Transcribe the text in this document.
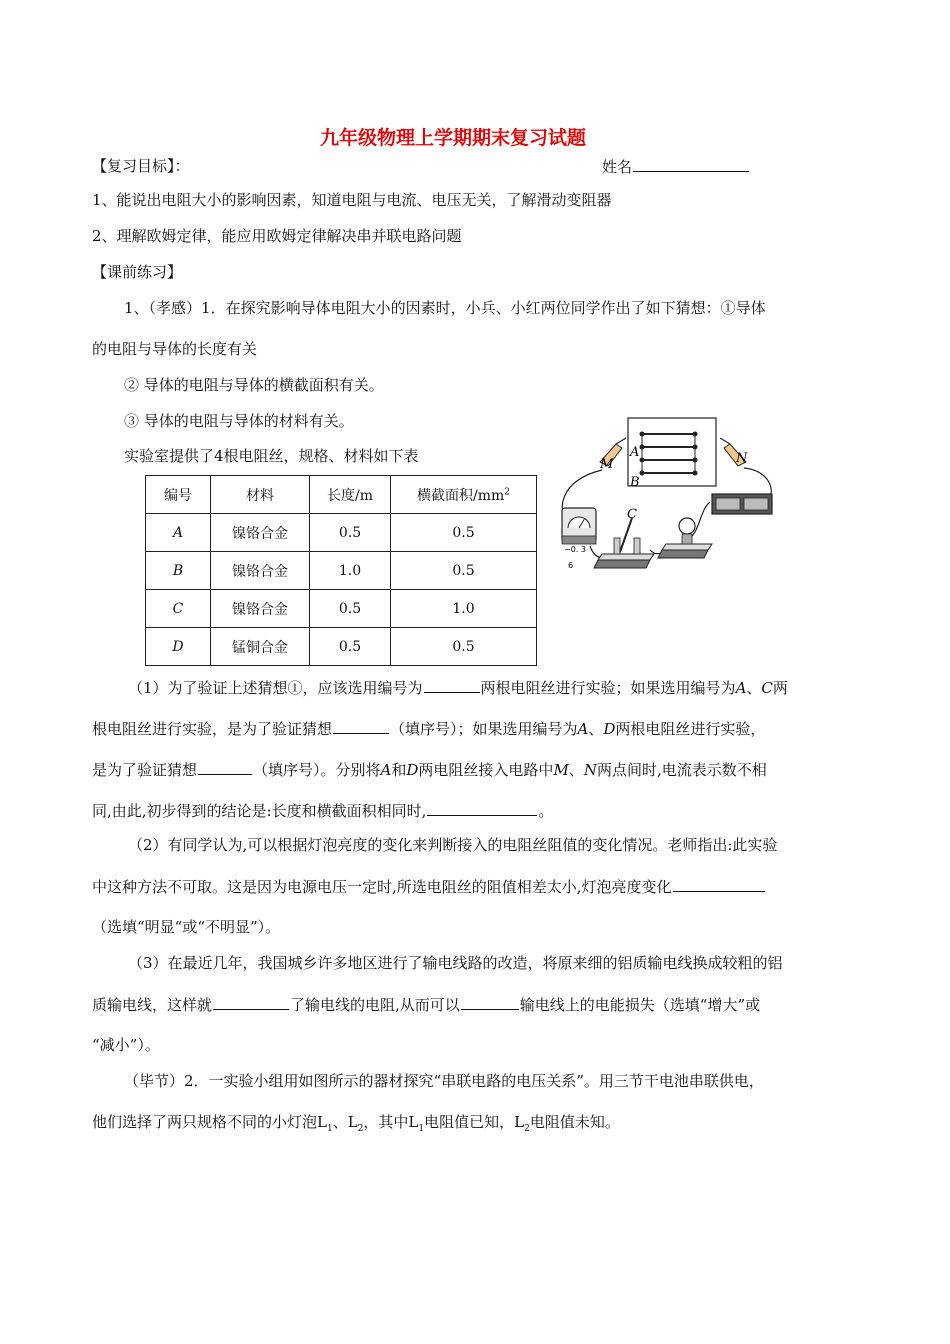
九年级物理上学期期末复习试题
【复习目标】：	姓名
1、能说出电阻大小的影响因素，知道电阻与电流、电压无关，了解滑动变阻器
2、理解欧姆定律，能应用欧姆定律解决串并联电路问题
【课前练习】
1、（孝感）1．在探究影响导体电阻大小的因素时，小兵、小红两位同学作出了如下猜想：①导体
的电阻与导体的长度有关
② 导体的电阻与导体的横截面积有关。
③ 导体的电阻与导体的材料有关。
实验室提供了4根电阻丝，规格、材料如下表
编号	材料	长度/m	横截面积$/mm^2$
A	镍铬合金	0.5	0.5
B	镍铬合金	1.0	0.5
C	镍铬合金	0.5	1.0
D	锰铜合金	0.5	0.5
A
B
M	N
−0. 3
6
C
（1）为了验证上述猜想①，应该选用编号为	两根电阻丝进行实验；如果选用编号为A、C两
根电阻丝进行实验，是为了验证猜想	（填序号）；如果选用编号为A、D两根电阻丝进行实验，
是为了验证猜想	（填序号）。分别将A和D两电阻丝接入电路中M、N两点间时,电流表示数不相
同,由此,初步得到的结论是:长度和横截面积相同时,	。
（2）有同学认为,可以根据灯泡亮度的变化来判断接入的电阻丝阻值的变化情况。老师指出:此实验
中这种方法不可取。这是因为电源电压一定时,所选电阻丝的阻值相差太小,灯泡亮度变化
（选填“明显“或“不明显”）。
（3）在最近几年，我国城乡许多地区进行了输电线路的改造，将原来细的铝质输电线换成较粗的铝
质输电线，这样就	了输电线的电阻,从而可以	输电线上的电能损失（选填“增大”或
“减小”）。
（毕节）2．一实验小组用如图所示的器材探究“串联电路的电压关系”。用三节干电池串联供电，
他们选择了两只规格不同的小灯泡$L_1$、$L_2$，其中$L_1$电阻值已知，$L_2$电阻值未知。
